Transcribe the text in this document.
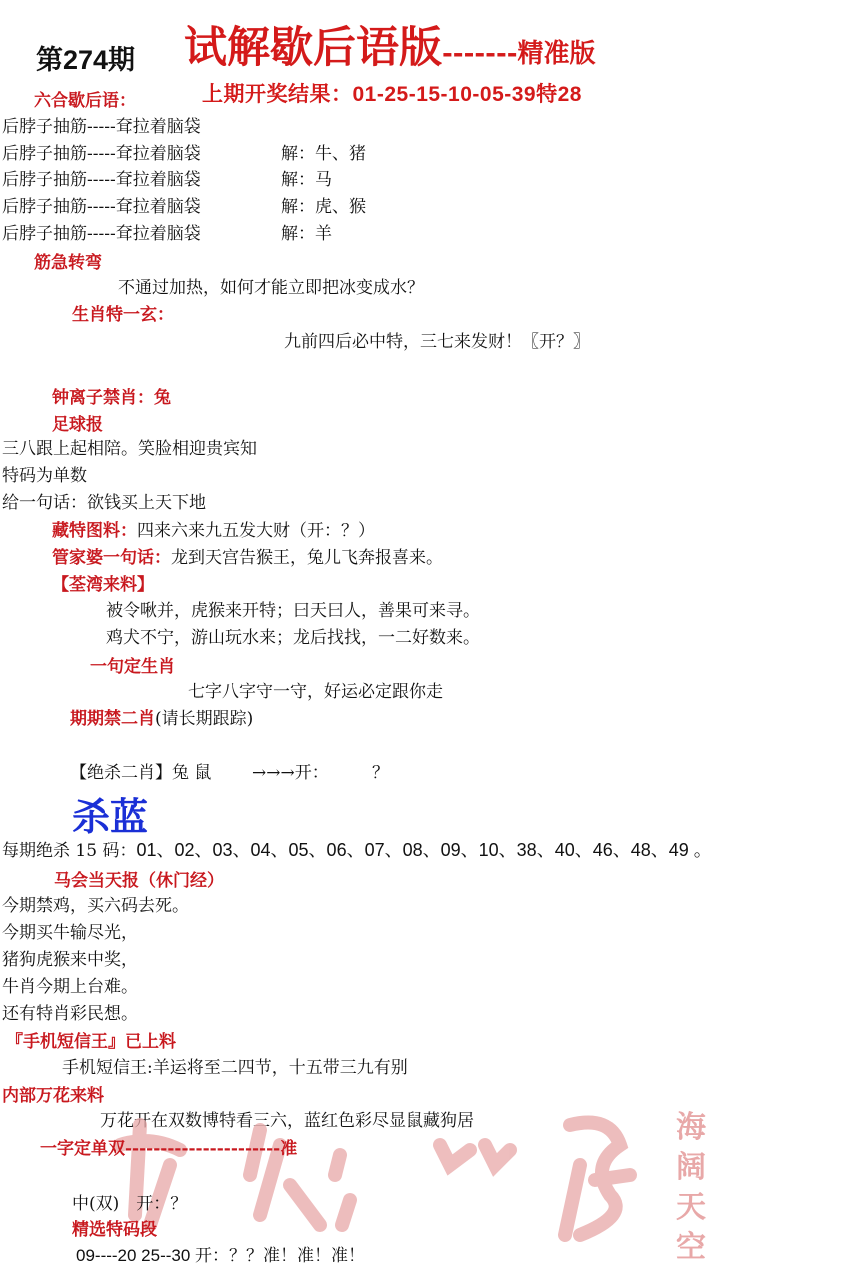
第274期 试解歇后语版-------精准版
上期开奖结果：01-25-15-10-05-39特28
六合歇后语：
后脖子抽筋-----耷拉着脑袋
后脖子抽筋-----耷拉着脑袋	解：牛、猪
后脖子抽筋-----耷拉着脑袋	解：马
后脖子抽筋-----耷拉着脑袋	解：虎、猴
后脖子抽筋-----耷拉着脑袋	解：羊
筋急转弯
不通过加热，如何才能立即把冰变成水？
生肖特一玄：
九前四后必中特，三七来发财！〖开？〗
钟离子禁肖：兔
足球报
三八跟上起相陪。笑脸相迎贵宾知
特码为单数
给一句话：欲钱买上天下地
藏特图料：四来六来九五发大财（开：？）
管家婆一句话：龙到天宫告猴王，兔儿飞奔报喜来。
【荃湾来料】
被令啾并，虎猴来开特；曰天曰人，善果可来寻。
鸡犬不宁，游山玩水来；龙后找找，一二好数来。
一句定生肖
七字八字守一守，好运必定跟你走
期期禁二肖(请长期跟踪)
【绝杀二肖】兔 鼠 →→→开：	？
杀蓝
每期绝杀 15 码：01、02、03、04、05、06、07、08、09、10、38、40、46、48、49 。
马会当天报（休门经）
今期禁鸡，买六码去死。
今期买牛输尽光，
猪狗虎猴来中奖，
牛肖今期上台难。
还有特肖彩民想。
『手机短信王』已上料
手机短信王:羊运将至二四节，十五带三九有别
内部万花来料
万花开在双数博特看三六，蓝红色彩尽显鼠藏狗居	海
阔
天
空
一字定单双----------------------准
中(双)　开：？
精选特码段
09----20 25--30 开：？？准！准！准！
